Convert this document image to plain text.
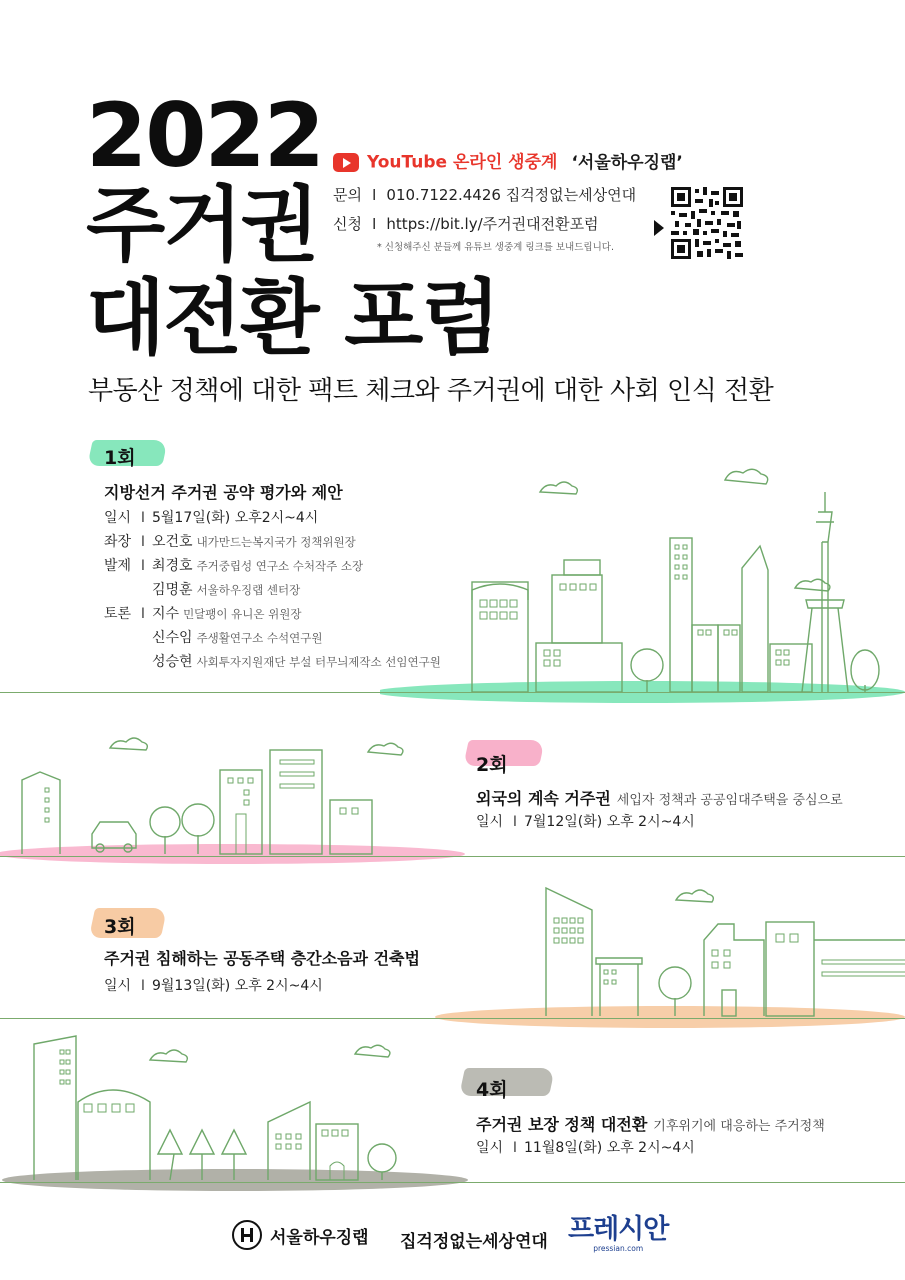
2022
주거권
대전환 포럼
YouTube 온라인 생중계 ‘서울하우징랩’
문의 I 010.7122.4426 집걱정없는세상연대
신청 I https://bit.ly/주거권대전환포럼
* 신청해주신 분들께 유튜브 생중계 링크를 보내드립니다.
부동산 정책에 대한 팩트 체크와 주거권에 대한 사회 인식 전환
1회
지방선거 주거권 공약 평가와 제안
일시 I 5월17일(화) 오후2시~4시
좌장 I 오건호 내가만드는복지국가 정책위원장
발제 I 최경호 주거중립성 연구소 수처작주 소장
김명훈 서울하우징랩 센터장
토론 I 지수 민달팽이 유니온 위원장
신수임 주생활연구소 수석연구원
성승현 사회투자지원재단 부설 터무늬제작소 선임연구원
2회
외국의 계속 거주권 세입자 정책과 공공임대주택을 중심으로
일시 I 7월12일(화) 오후 2시~4시
3회
주거권 침해하는 공동주택 층간소음과 건축법
일시 I 9월13일(화) 오후 2시~4시
4회
주거권 보장 정책 대전환 기후위기에 대응하는 주거정책
일시 I 11월8일(화) 오후 2시~4시
서울하우징랩 집걱정없는세상연대 프레시안
pressian.com
